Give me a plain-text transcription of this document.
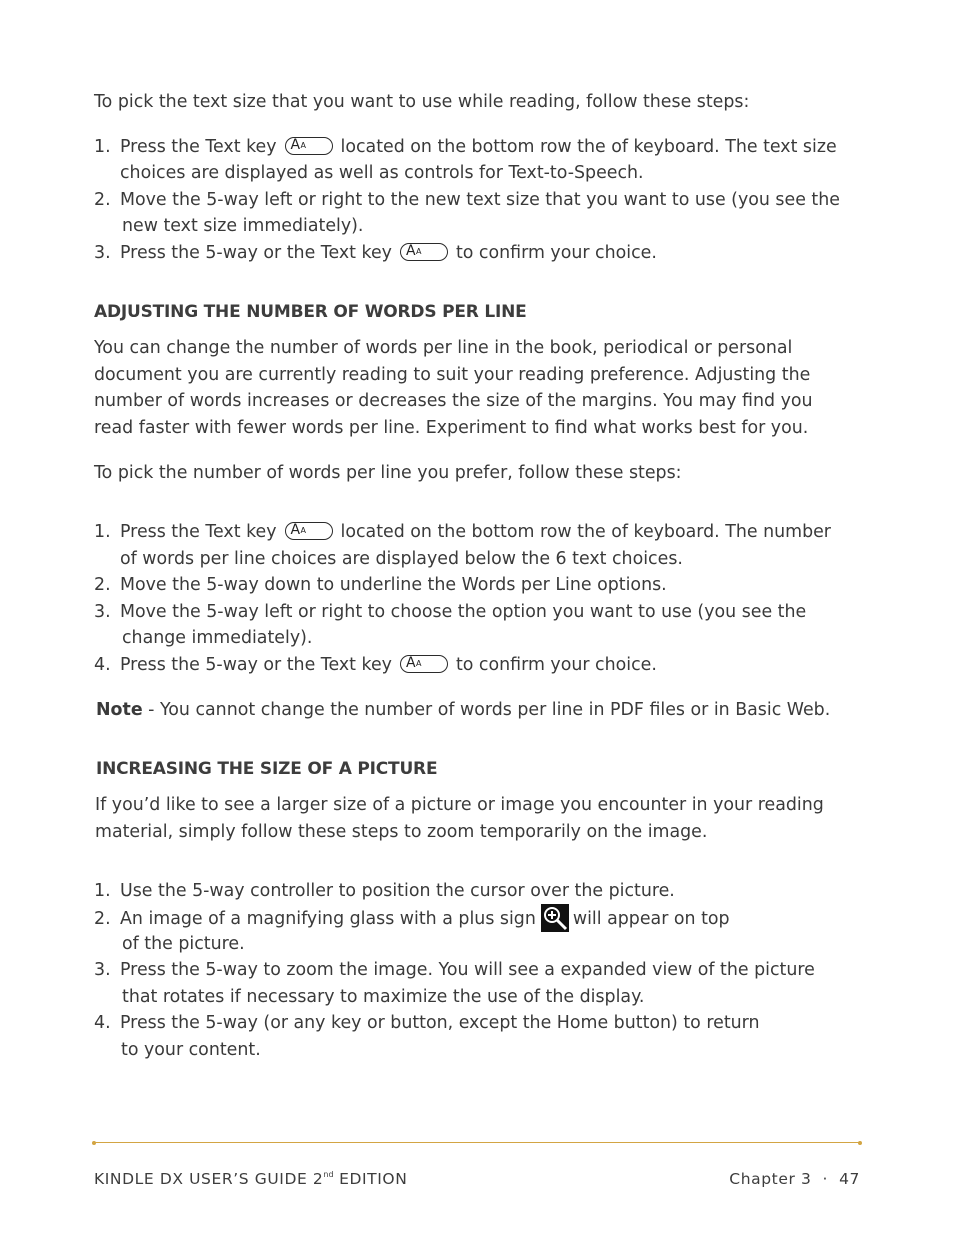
To pick the text size that you want to use while reading, follow these steps:
1. Press the Text key A A located on the bottom row the of keyboard. The text size
choices are displayed as well as controls for Text-to-Speech.
2. Move the 5-way left or right to the new text size that you want to use (you see the
new text size immediately).
3. Press the 5-way or the Text key A A to confirm your choice.
ADJUSTING THE NUMBER OF WORDS PER LINE
You can change the number of words per line in the book, periodical or personal
document you are currently reading to suit your reading preference. Adjusting the
number of words increases or decreases the size of the margins. You may find you
read faster with fewer words per line. Experiment to find what works best for you.
To pick the number of words per line you prefer, follow these steps:
1. Press the Text key A A located on the bottom row the of keyboard. The number
of words per line choices are displayed below the 6 text choices.
2. Move the 5-way down to underline the Words per Line options.
3. Move the 5-way left or right to choose the option you want to use (you see the
change immediately).
4. Press the 5-way or the Text key A A to confirm your choice.
Note - You cannot change the number of words per line in PDF files or in Basic Web.
INCREASING THE SIZE OF A PICTURE
If you’d like to see a larger size of a picture or image you encounter in your reading
material, simply follow these steps to zoom temporarily on the image.
1. Use the 5-way controller to position the cursor over the picture.
2. An image of a magnifying glass with a plus sign will appear on top
of the picture.
3. Press the 5-way to zoom the image. You will see a expanded view of the picture
that rotates if necessary to maximize the use of the display.
4. Press the 5-way (or any key or button, except the Home button) to return
to your content.
KINDLE DX USER’S GUIDE 2nd EDITION	Chapter 3  ·  47
